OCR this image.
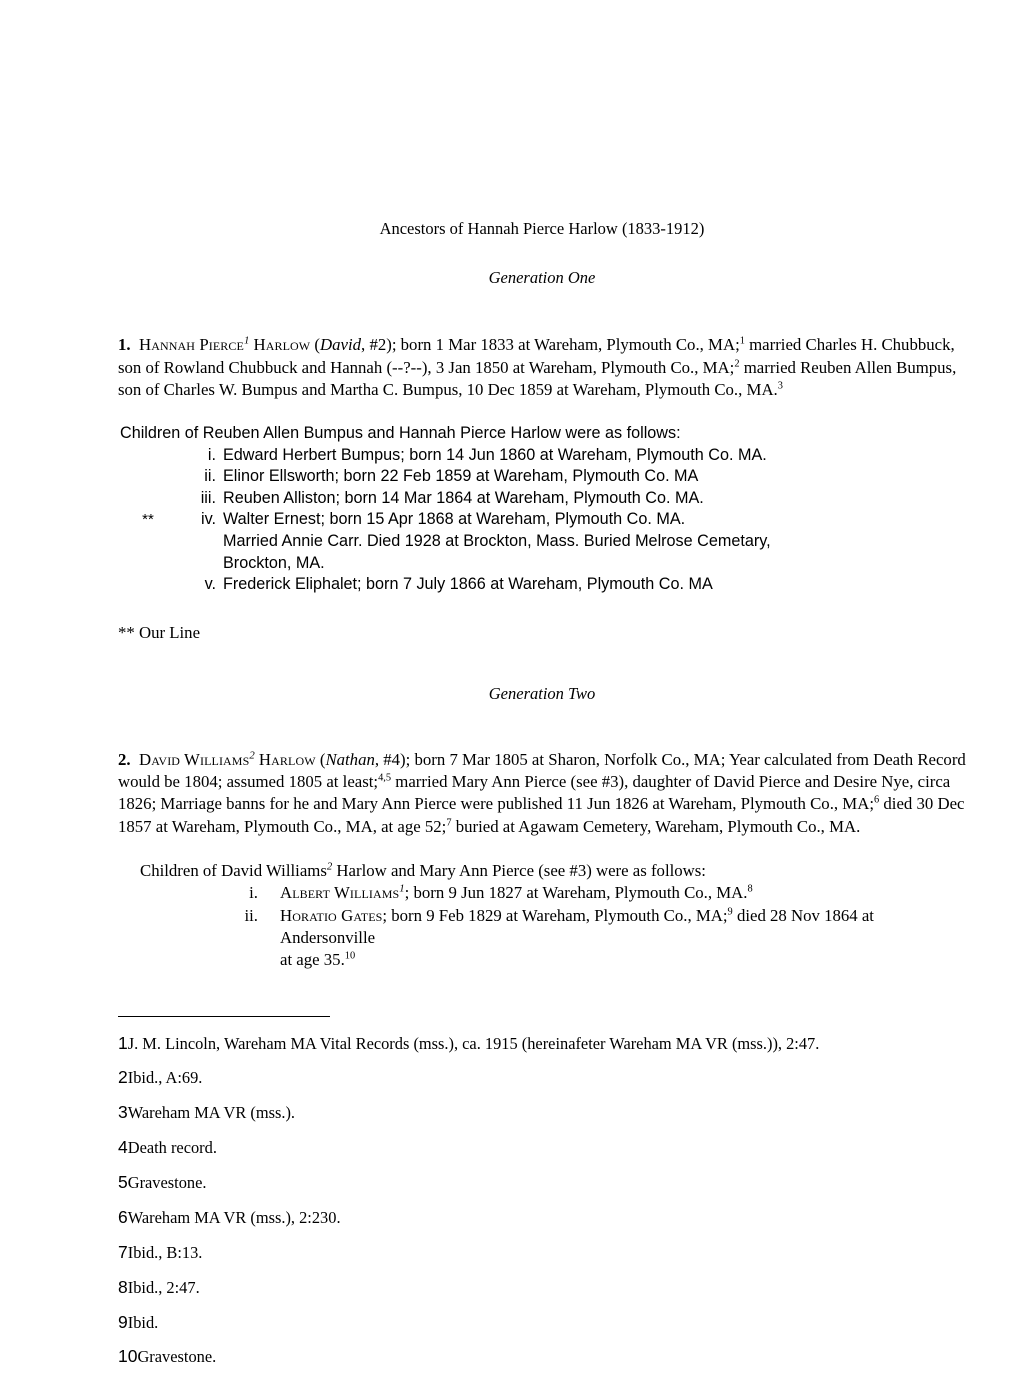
Ancestors of Hannah Pierce Harlow (1833-1912)
Generation One

1. Hannah Pierce$^1$ Harlow (David, #2); born 1 Mar 1833 at Wareham, Plymouth Co., MA;$^1$ married Charles H. Chubbuck, son of Rowland Chubbuck and Hannah (--?--), 3 Jan 1850 at Wareham, Plymouth Co., MA;$^2$ married Reuben Allen Bumpus, son of Charles W. Bumpus and Martha C. Bumpus, 10 Dec 1859 at Wareham, Plymouth Co., MA.$^3$

Children of Reuben Allen Bumpus and Hannah Pierce Harlow were as follows:

i. Edward Herbert Bumpus; born 14 Jun 1860 at Wareham, Plymouth Co. MA.
ii. Elinor Ellsworth; born 22 Feb 1859 at Wareham, Plymouth Co. MA
iii. Reuben Alliston; born 14 Mar 1864 at Wareham, Plymouth Co. MA.
**	iv. Walter Ernest; born 15 Apr 1868 at Wareham, Plymouth Co. MA.
Married Annie Carr. Died 1928 at Brockton, Mass. Buried Melrose Cemetary,
Brockton, MA.
v. Frederick Eliphalet; born 7 July 1866 at Wareham, Plymouth Co. MA

** Our Line

Generation Two

2. David Williams$^2$ Harlow (Nathan, #4); born 7 Mar 1805 at Sharon, Norfolk Co., MA; Year calculated from Death Record would be 1804; assumed 1805 at least;$^{4,5}$ married Mary Ann Pierce (see #3), daughter of David Pierce and Desire Nye, circa 1826; Marriage banns for he and Mary Ann Pierce were published 11 Jun 1826 at Wareham, Plymouth Co., MA;$^6$ died 30 Dec 1857 at Wareham, Plymouth Co., MA, at age 52;$^7$ buried at Agawam Cemetery, Wareham, Plymouth Co., MA.

Children of David Williams$^2$ Harlow and Mary Ann Pierce (see #3) were as follows:

i.	Albert Williams$^1$; born 9 Jun 1827 at Wareham, Plymouth Co., MA.$^8$
ii.	Horatio Gates; born 9 Feb 1829 at Wareham, Plymouth Co., MA;$^9$ died 28 Nov 1864 at Andersonville
at age 35.10

1J. M. Lincoln, Wareham MA Vital Records (mss.), ca. 1915 (hereinafeter Wareham MA VR (mss.)), 2:47.

2Ibid., A:69.

3Wareham MA VR (mss.).

4Death record.

5Gravestone.

6Wareham MA VR (mss.), 2:230.

7Ibid., B:13.

8Ibid., 2:47.

9Ibid.

10Gravestone.
